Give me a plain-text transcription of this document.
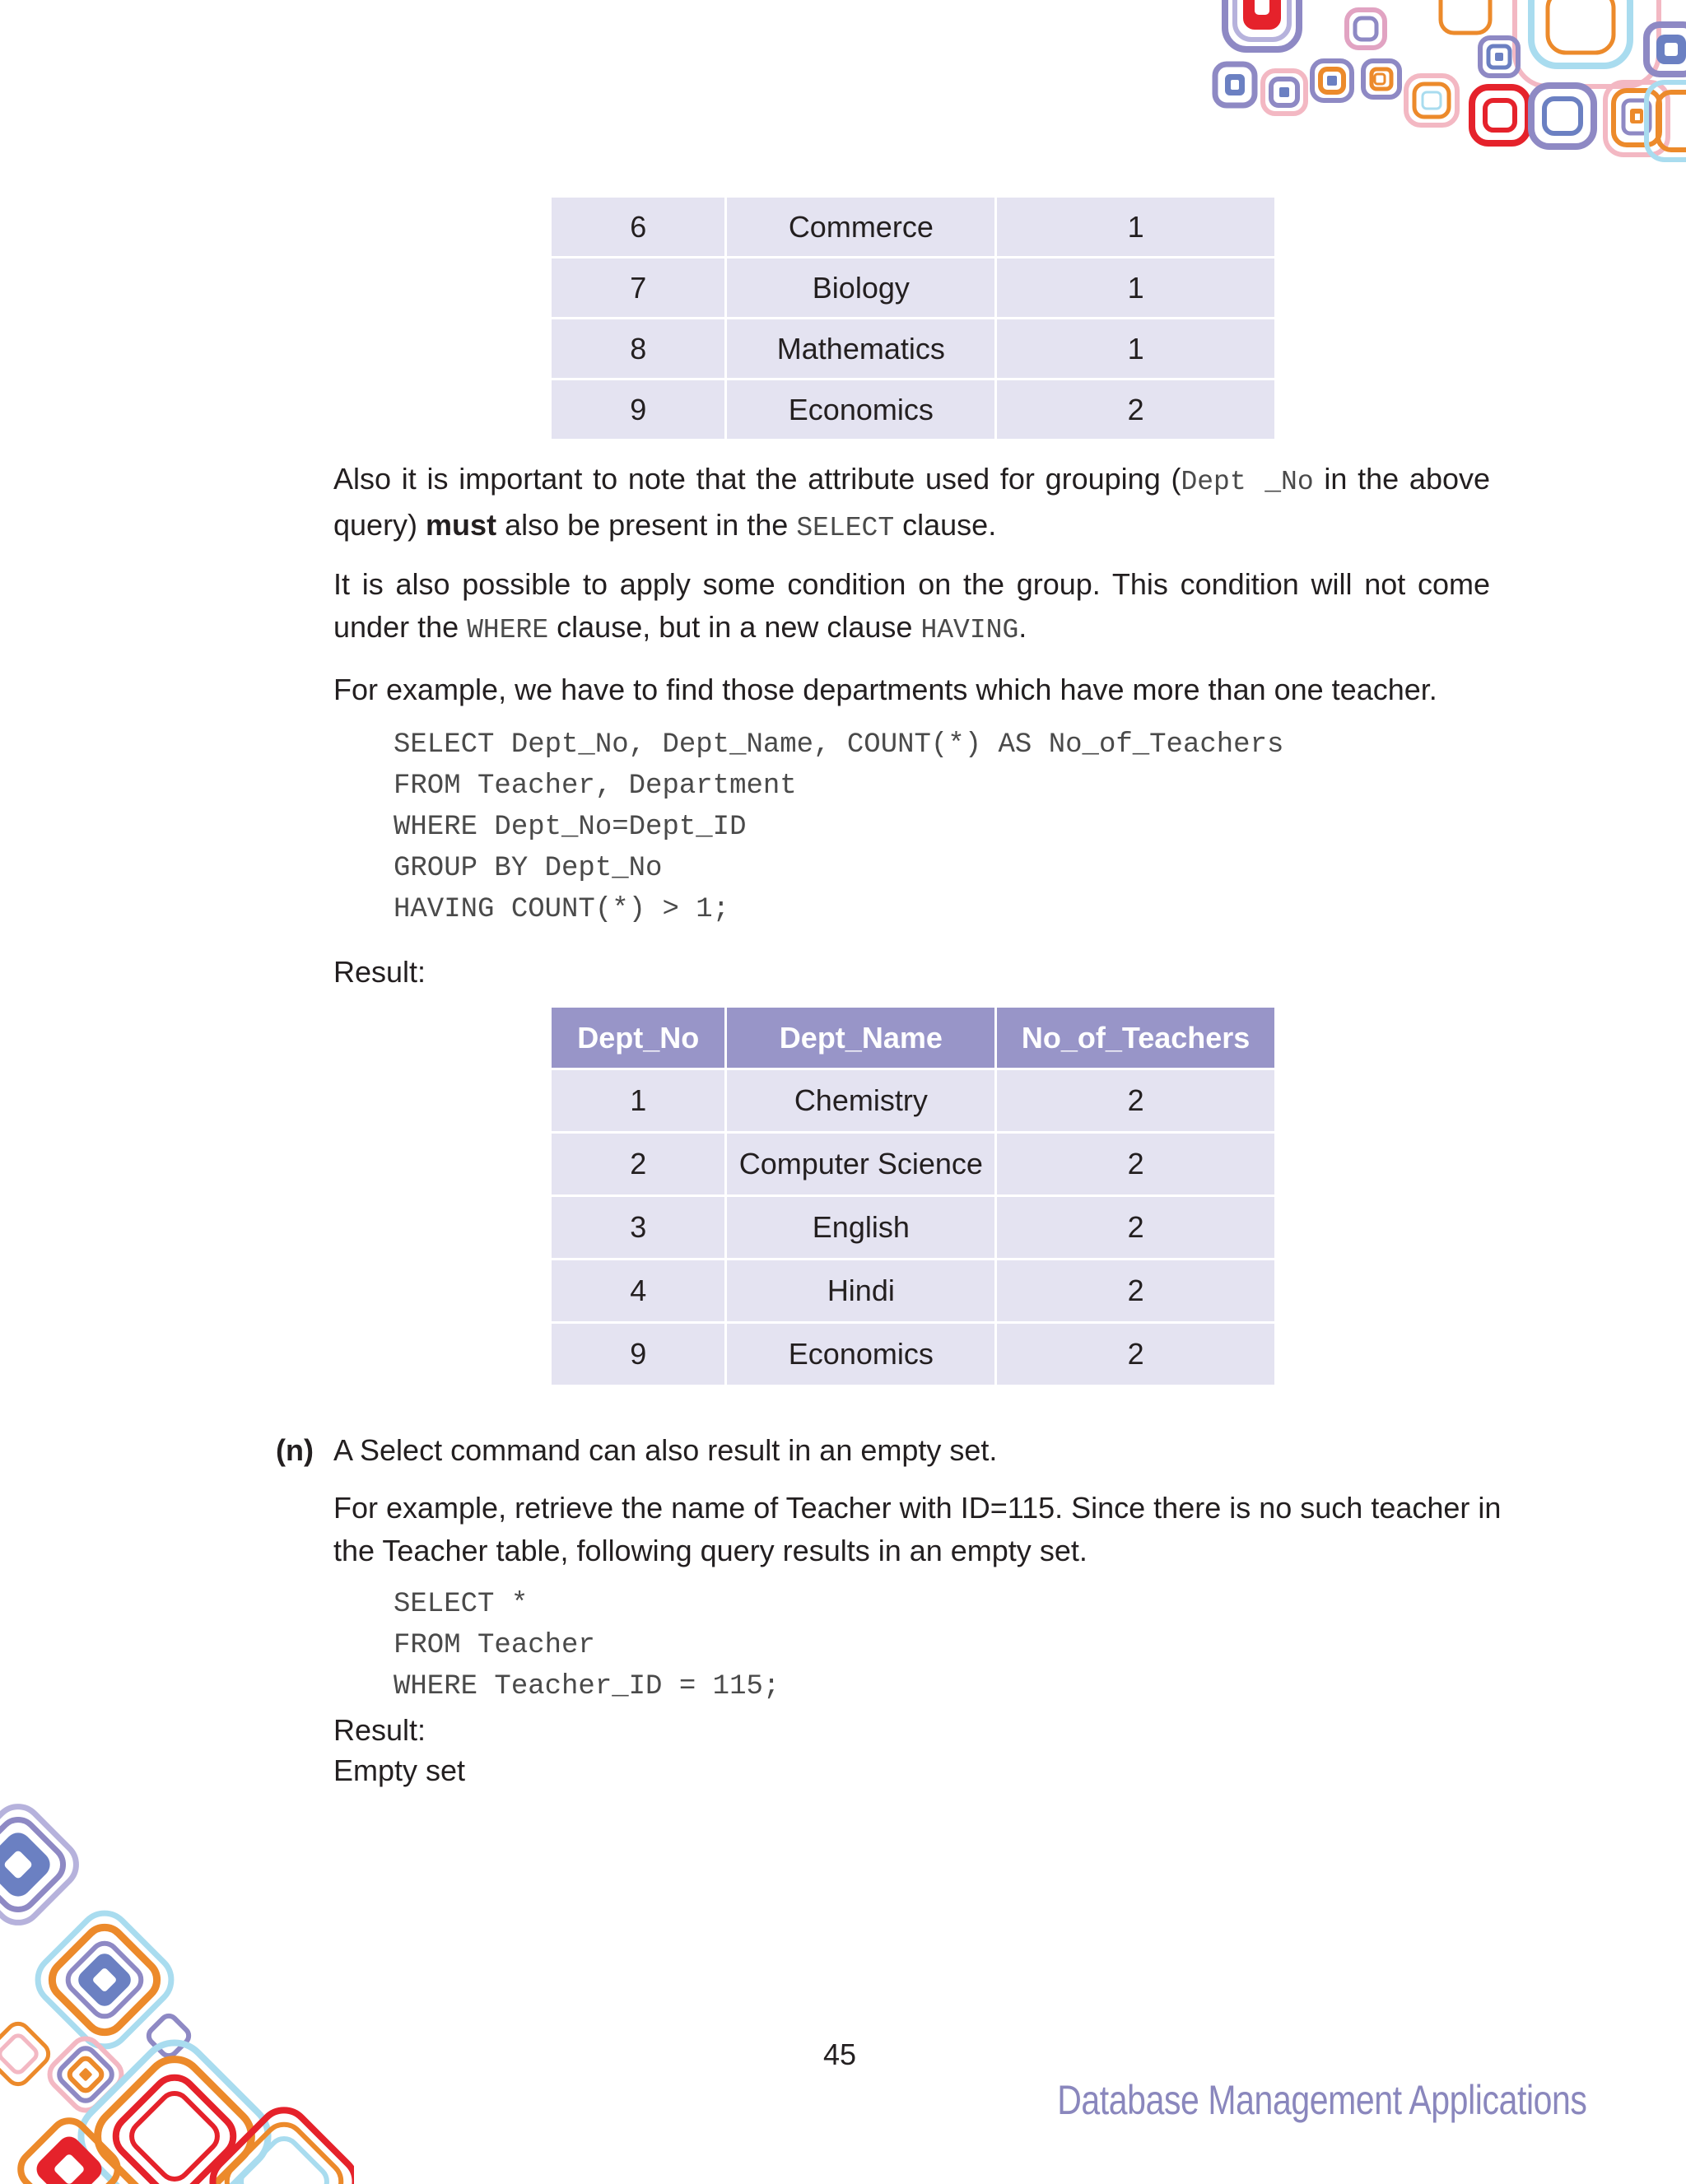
6	Commerce	1
7	Biology	1
8	Mathematics	1
9	Economics	2

Also it is important to note that the attribute used for grouping (Dept _No in the above query) must also be present in the SELECT clause.

It is also possible to apply some condition on the group. This condition will not come under the WHERE clause, but in a new clause HAVING.

For example, we have to find those departments which have more than one teacher.

SELECT Dept_No, Dept_Name, COUNT(*) AS No_of_Teachers
FROM Teacher, Department
WHERE Dept_No=Dept_ID
GROUP BY Dept_No
HAVING COUNT(*) > 1;

Result:

Dept_No	Dept_Name	No_of_Teachers
1	Chemistry	2
2	Computer Science	2
3	English	2
4	Hindi	2
9	Economics	2
(n) A Select command can also result in an empty set.

For example, retrieve the name of Teacher with ID=115. Since there is no such teacher in the Teacher table, following query results in an empty set.

SELECT *
FROM Teacher
WHERE Teacher_ID = 115;

Result:

Empty set

45
Database Management Applications
